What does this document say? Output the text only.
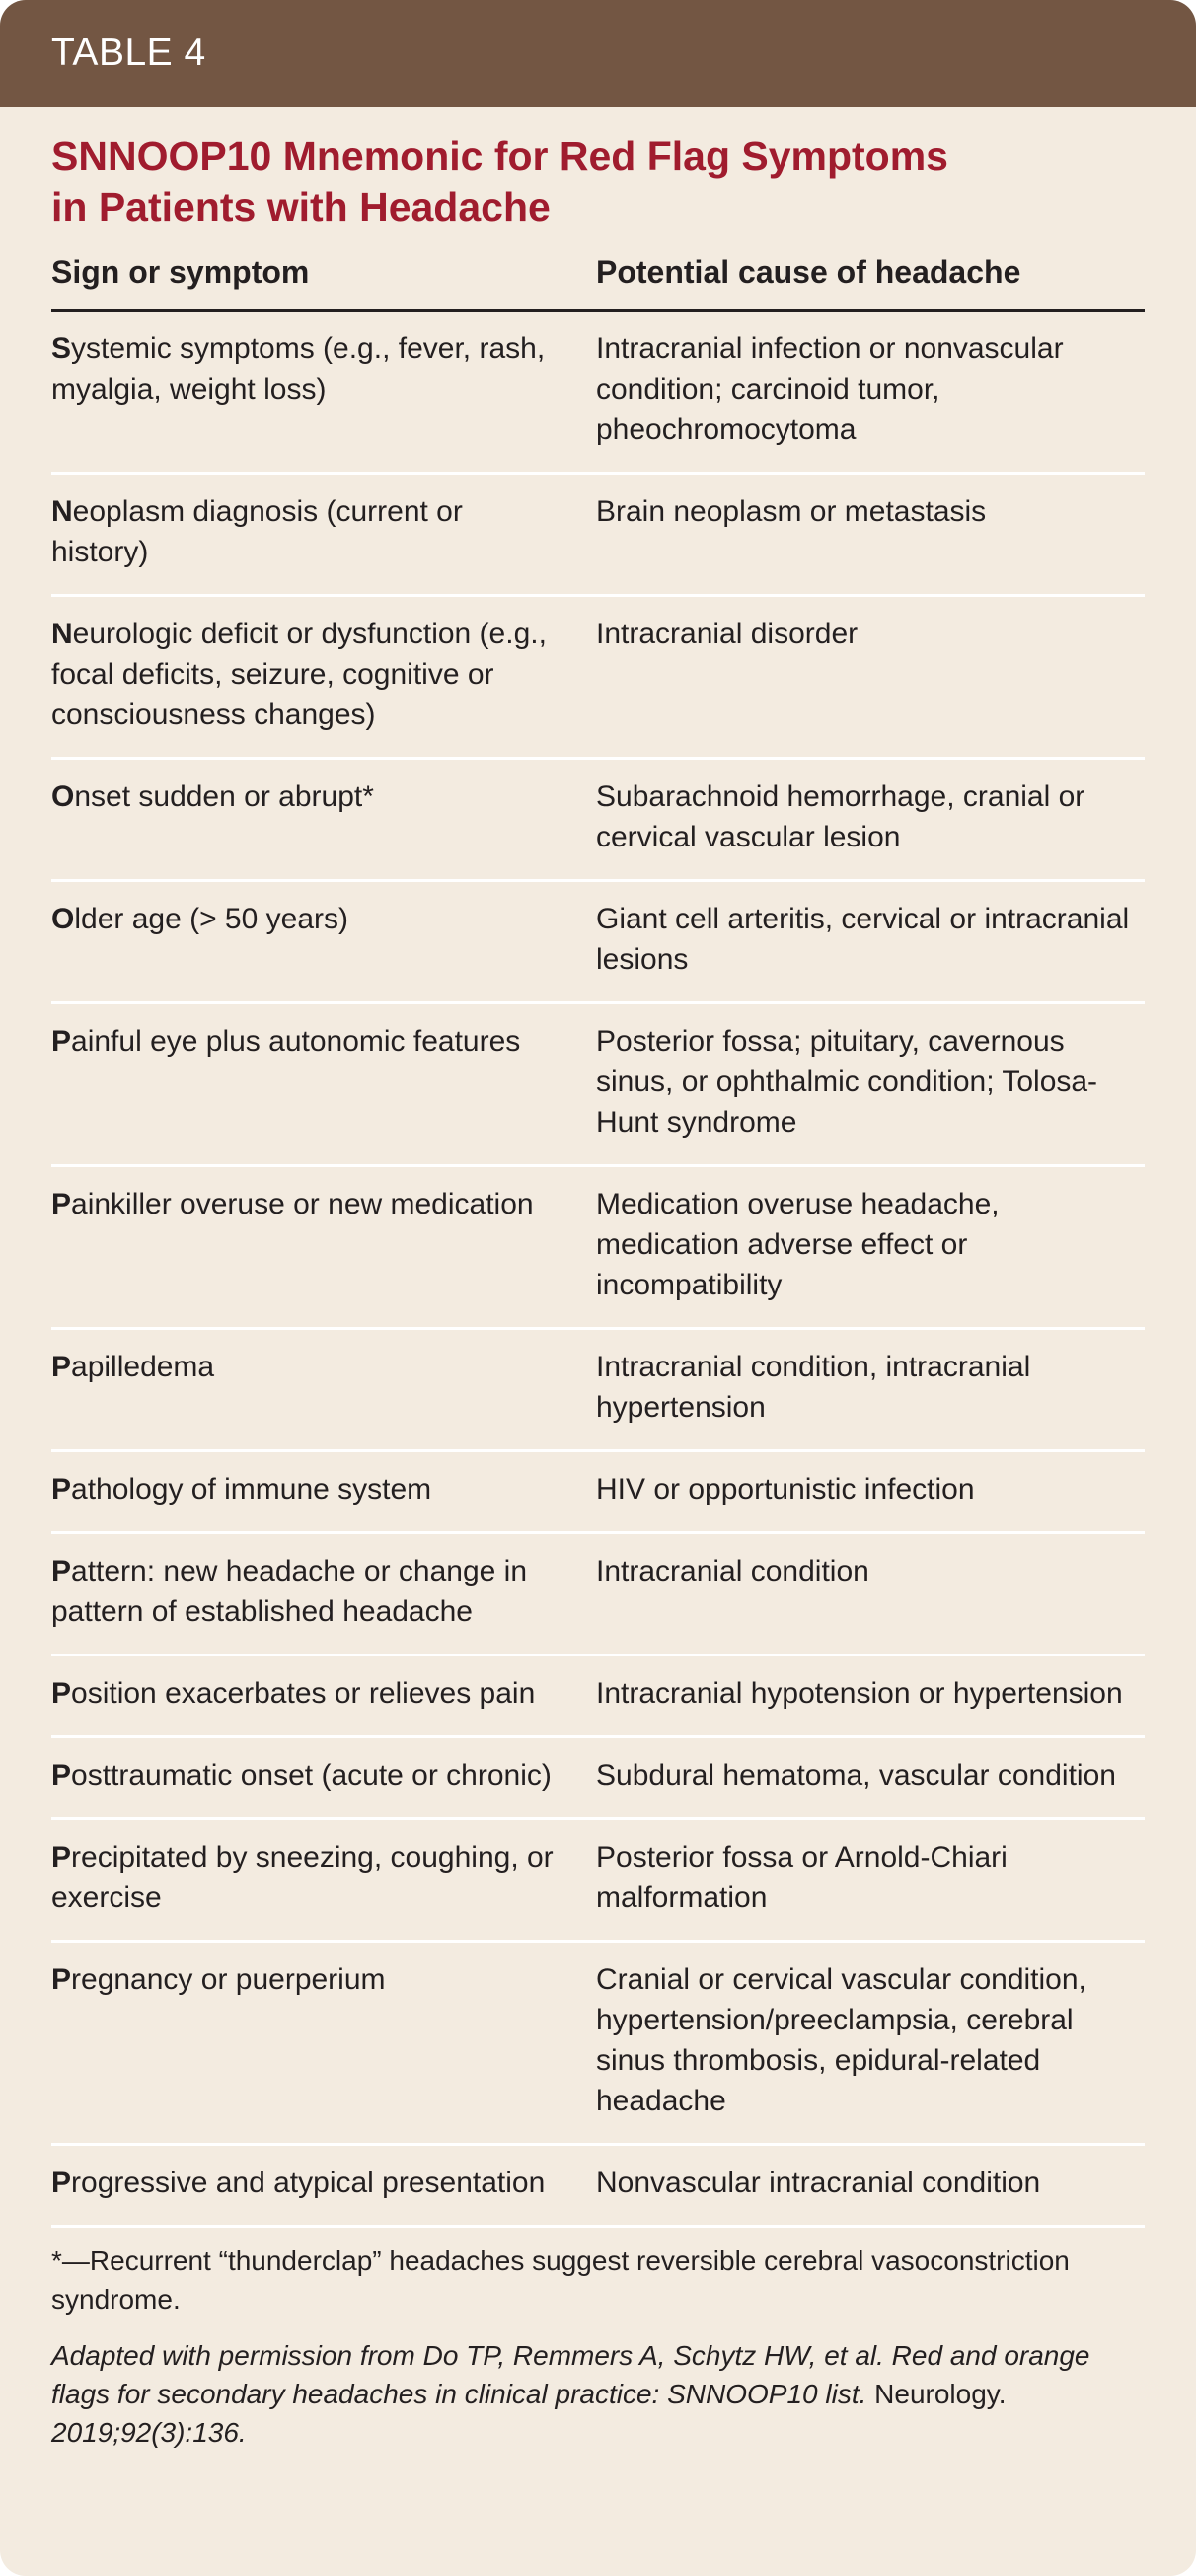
TABLE 4
SNNOOP10 Mnemonic for Red Flag Symptoms
in Patients with Headache
Sign or symptom	Potential cause of headache
Systemic symptoms (e.g., fever, rash, myalgia, weight loss)	Intracranial infection or nonvascular condition; carcinoid tumor, pheochromocytoma
Neoplasm diagnosis (current or history)	Brain neoplasm or metastasis
Neurologic deficit or dysfunction (e.g., focal deficits, seizure, cognitive or consciousness changes)	Intracranial disorder
Onset sudden or abrupt*	Subarachnoid hemorrhage, cranial or cervical vascular lesion
Older age (> 50 years)	Giant cell arteritis, cervical or intracranial lesions
Painful eye plus autonomic features	Posterior fossa; pituitary, cavernous sinus, or ophthalmic condition; Tolosa-Hunt syndrome
Painkiller overuse or new medication	Medication overuse headache, medication adverse effect or incompatibility
Papilledema	Intracranial condition, intracranial hypertension
Pathology of immune system	HIV or opportunistic infection
Pattern: new headache or change in pattern of established headache	Intracranial condition
Position exacerbates or relieves pain	Intracranial hypotension or hypertension
Posttraumatic onset (acute or chronic)	Subdural hematoma, vascular condition
Precipitated by sneezing, coughing, or exercise	Posterior fossa or Arnold-Chiari malformation
Pregnancy or puerperium	Cranial or cervical vascular condition, hypertension/preeclampsia, cerebral sinus thrombosis, epidural-related headache
Progressive and atypical presentation	Nonvascular intracranial condition

*—Recurrent “thunderclap” headaches suggest reversible cerebral vasoconstriction syndrome.

Adapted with permission from Do TP, Remmers A, Schytz HW, et al. Red and orange flags for secondary headaches in clinical practice: SNNOOP10 list. Neurology. 2019;92(3):136.
